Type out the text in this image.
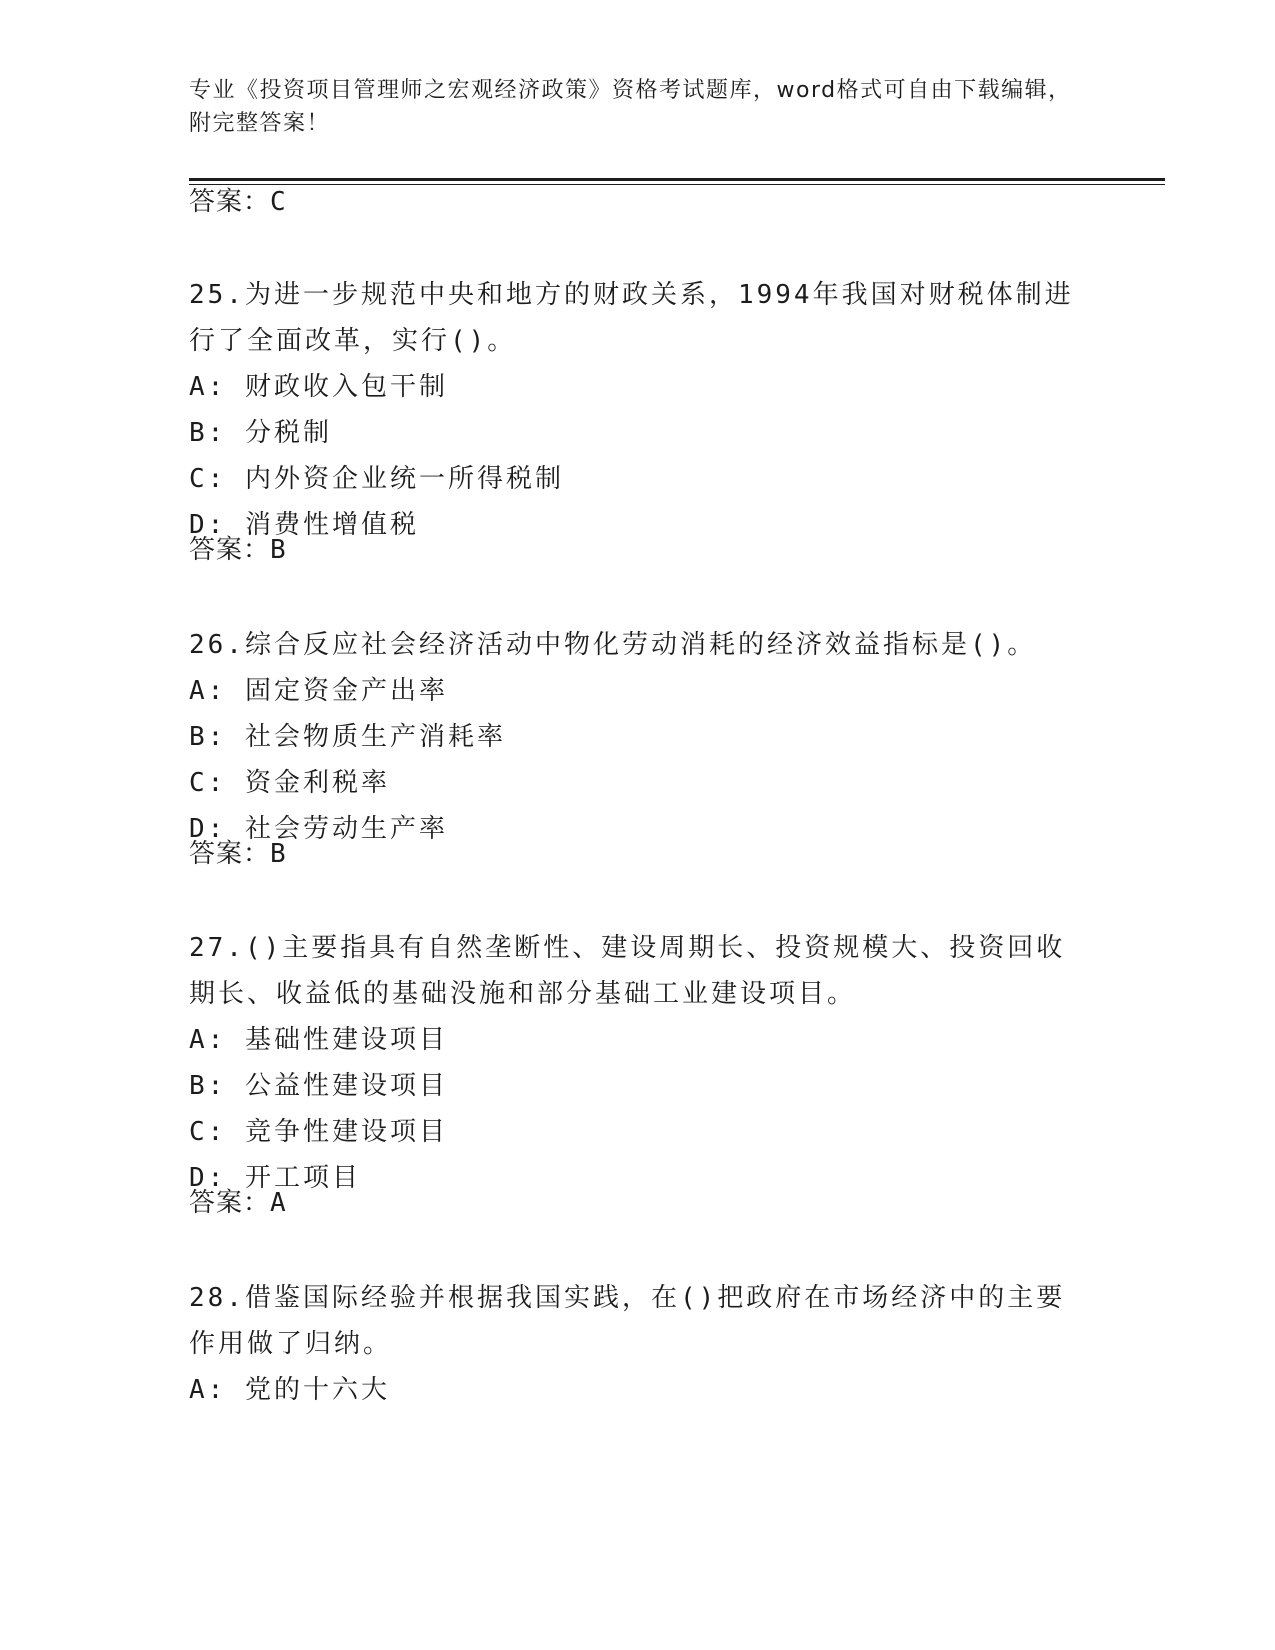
专业《投资项目管理师之宏观经济政策》资格考试题库，word格式可自由下载编辑，附完整答案！
答案：C

25.为进一步规范中央和地方的财政关系，1994年我国对财税体制进行了全面改革，实行()。

A: 财政收入包干制
B: 分税制
C: 内外资企业统一所得税制
D: 消费性增值税
答案：B

26.综合反应社会经济活动中物化劳动消耗的经济效益指标是()。

A: 固定资金产出率
B: 社会物质生产消耗率
C: 资金利税率
D: 社会劳动生产率
答案：B

27.()主要指具有自然垄断性、建设周期长、投资规模大、投资回收期长、收益低的基础没施和部分基础工业建设项目。

A: 基础性建设项目
B: 公益性建设项目
C: 竞争性建设项目
D: 开工项目
答案：A

28.借鉴国际经验并根据我国实践，在()把政府在市场经济中的主要作用做了归纳。

A: 党的十六大
